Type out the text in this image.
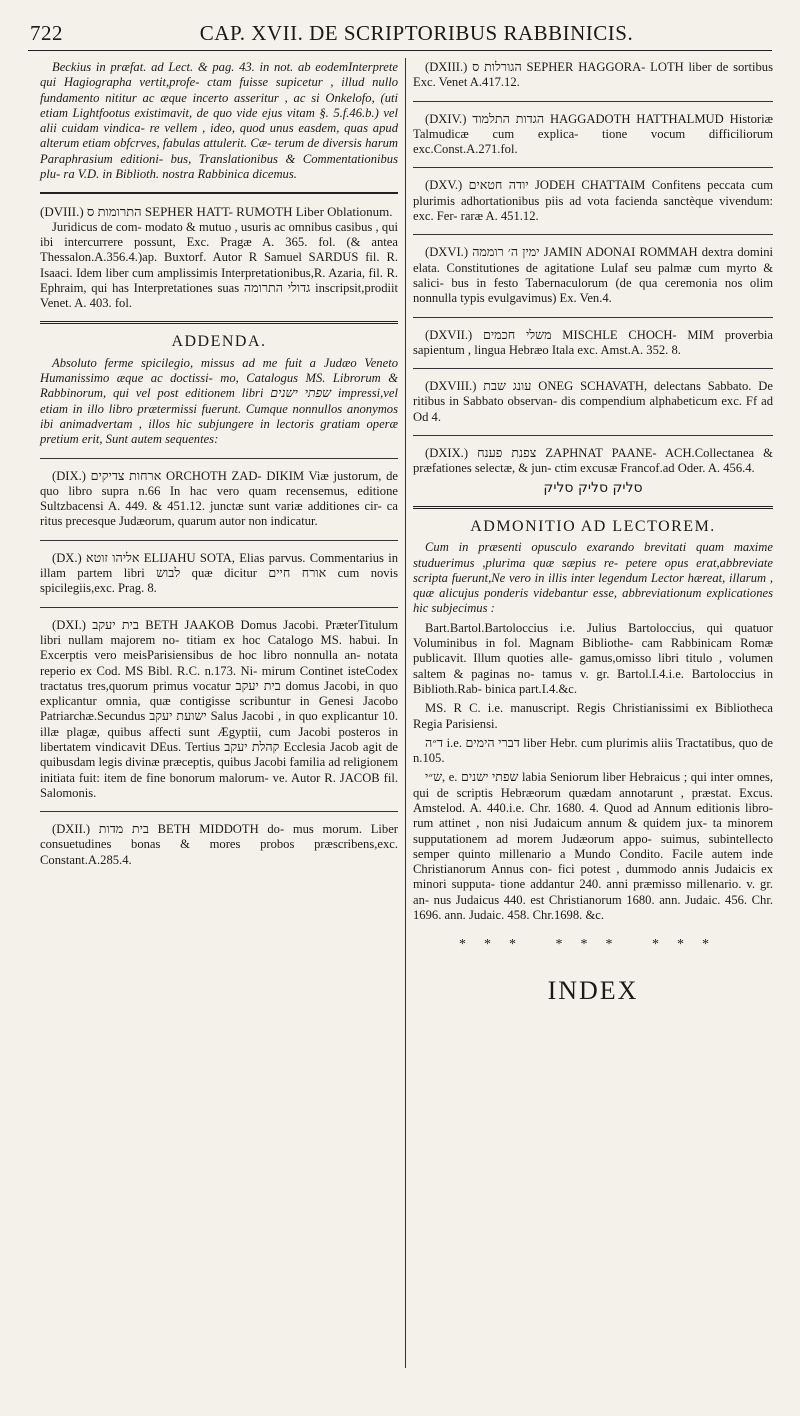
722	CAP. XVII. DE SCRIPTORIBUS RABBINICIS.

Beckius in præfat. ad Lect. & pag. 43. in not. ab eodemInterprete qui Hagiographa vertit,profe- ctam fuisse supicetur , illud nullo fundamento nititur ac æque incerto asseritur , ac si Onkelofo, (uti etiam Lightfootus existimavit, de quo vide ejus vitam §. 5.f.46.b.) vel alii cuidam vindica- re vellem , ideo, quod unus easdem, quas apud alterum etiam obfcrves, fabulas attulerit. Cæ- terum de diversis harum Paraphrasium editioni- bus, Translationibus & Commentationibus plu- ra V.D. in Biblioth. nostra Rabbinica dicemus.

(DVIII.) התרומות ס SEPHER HATT- RUMOTH Liber Oblationum.

Juridicus de com- modato & mutuo , usuris ac omnibus casibus , qui ibi intercurrere possunt, Exc. Pragæ A. 365. fol. (& antea Thessalon.A.356.4.)ap. Buxtorf. Autor R Samuel SARDUS fil. R. Isaaci. Idem liber cum amplissimis Interpretationibus,R. Azaria, fil. R. Ephraim, qui has Interpretationes suas גדולי התרומה inscripsit,prodiit Venet. A. 403. fol.

ADDENDA.

Absoluto ferme spicilegio, missus ad me fuit a Judæo Veneto Humanissimo æque ac doctissi- mo, Catalogus MS. Librorum & Rabbinorum, qui vel post editionem libri שפתי ישנים impressi,vel etiam in illo libro prætermissi fuerunt. Cumque nonnullos anonymos ibi animadvertam , illos hic subjungere in lectoris gratiam operæ pretium erit, Sunt autem sequentes:

(DIX.) ארחות צדיקים ORCHOTH ZAD- DIKIM Viæ justorum, de quo libro supra n.66 In hac vero quam recensemus, editione Sultzbacensi A. 449. & 451.12. junctæ sunt variæ additiones cir- ca ritus precesque Judæorum, quarum autor non indicatur.

(DX.) אליהו זוטא ELIJAHU SOTA, Elias parvus. Commentarius in illam partem libri לבוש quæ dicitur אורח חיים cum novis spicilegiis,exc. Prag. 8.

(DXI.) בית יעקב BETH JAAKOB Domus Jacobi. PræterTitulum libri nullam majorem no- titiam ex hoc Catalogo MS. habui. In Excerptis vero meisParisiensibus de hoc libro nonnulla an- notata reperio ex Cod. MS Bibl. R.C. n.173. Ni- mirum Continet isteCodex tractatus tres,quorum primus vocatur בית יעקב domus Jacobi, in quo explicantur omnia, quæ contigisse scribuntur in Genesi Jacobo Patriarchæ.Secundus ישועת יעקב Salus Jacobi , in quo explicantur 10. illæ plagæ, quibus affecti sunt Ægyptii, cum Jacobi posteros in libertatem vindicavit DEus. Tertius קהלת יעקב Ecclesia Jacob agit de quibusdam legis divinæ præceptis, quibus Jacobi familia ad religionem initiata fuit: item de fine bonorum malorum- ve. Autor R. JACOB fil. Salomonis.

(DXII.) בית מדות BETH MIDDOTH do- mus morum. Liber consuetudines bonas & mores probos præscribens,exc. Constant.A.285.4.

(DXIII.) הגורלות ס SEPHER HAGGORA- LOTH liber de sortibus Exc. Venet A.417.12.

(DXIV.) הגדות התלמוד HAGGADOTH HATTHALMUD Historiæ Talmudicæ cum explica- tione vocum difficiliorum exc.Const.A.271.fol.

(DXV.) יודה חטאים JODEH CHATTAIM Confitens peccata cum plurimis adhortationibus piis ad vota facienda sanctèque vivendum: exc. Fer- raræ A. 451.12.

(DXVI.) ימין ה׳ רוממה JAMIN ADONAI ROMMAH dextra domini elata. Constitutiones de agitatione Lulaf seu palmæ cum myrto & salici- bus in festo Tabernaculorum (de qua ceremonia nos olim nonnulla typis evulgavimus) Ex. Ven.4.

(DXVII.) משלי חכמים MISCHLE CHOCH- MIM proverbia sapientum , lingua Hebræo Itala exc. Amst.A. 352. 8.

(DXVIII.) עונג שבת ONEG SCHAVATH, delectans Sabbato. De ritibus in Sabbato observan- dis compendium alphabeticum exc. Ff ad Od 4.

(DXIX.) צפנת פענח ZAPHNAT PAANE- ACH.Collectanea & præfationes selectæ, & jun- ctim excusæ Francof.ad Oder. A. 456.4.

סליק סליק סליק
ADMONITIO AD LECTOREM.

Cum in præsenti opusculo exarando brevitati quam maxime studuerimus ,plurima quæ sæpius re- petere opus erat,abbreviate scripta fuerunt,Ne vero in illis inter legendum Lector hæreat, illarum , quæ alicujus ponderis videbantur esse, abbreviationum explicationes hic subjecimus :

Bart.Bartol.Bartoloccius i.e. Julius Bartoloccius, qui quatuor Voluminibus in fol. Magnam Bibliothe- cam Rabbinicam Romæ publicavit. Illum quoties alle- gamus,omisso libri titulo , volumen saltem & paginas no- tamus v. gr. Bartol.I.4.i.e. Bartoloccius in Biblioth.Rab- binica part.I.4.&c.

MS. R C. i.e. manuscript. Regis Christianissimi ex Bibliotheca Regia Parisiensi.

ד״ה i.e. דברי הימים liber Hebr. cum plurimis aliis Tractatibus, quo de n.105.

ש״י, e. שפתי ישנים labia Seniorum liber Hebraicus ; qui inter omnes, qui de scriptis Hebræorum quædam annotarunt , præstat. Excus. Amstelod. A. 440.i.e. Chr. 1680. 4. Quod ad Annum editionis libro- rum attinet , non nisi Judaicum annum & quidem jux- ta minorem supputationem ad morem Judæorum appo- suimus, subintellecto semper quinto millenario a Mundo Condito. Facile autem inde Christianorum Annus con- fici potest , dummodo annis Judaicis ex minori supputa- tione addantur 240. anni præmisso millenario. v. gr. an- nus Judaicus 440. est Christianorum 1680. ann. Judaic. 456. Chr. 1696. ann. Judaic. 458. Chr.1698. &c.

*** *** ***
INDEX
